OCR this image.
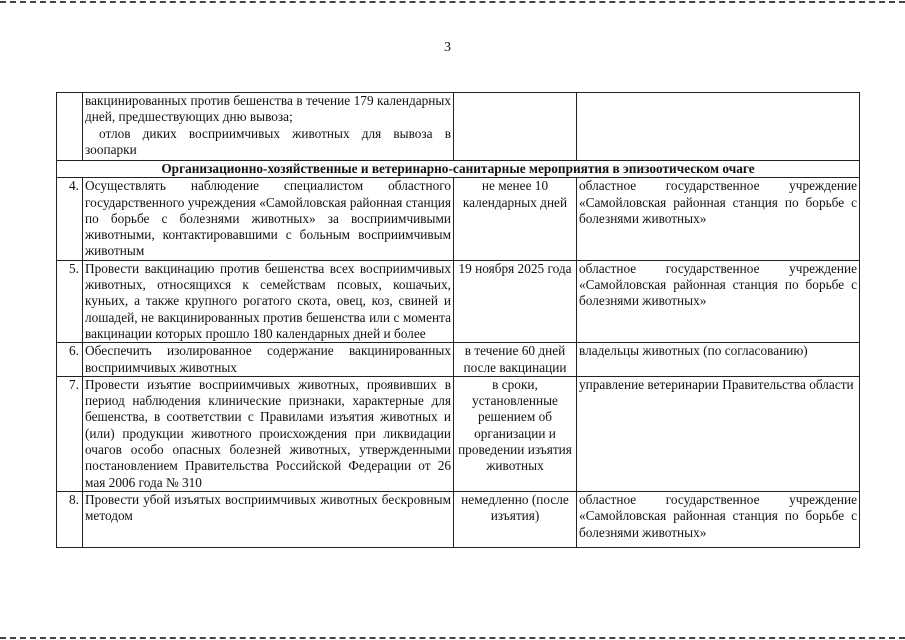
3

	вакцинированных против бешенства в течение 179 календарных дней, предшествующих дню вывоза;

отлов диких восприимчивых животных для вывоза в зоопарки		

Организационно-хозяйственные и ветеринарно-санитарные мероприятия в эпизоотическом очаге			
4.	Осуществлять наблюдение специалистом областного государственного учреждения «Самойловская районная станция по борьбе с болезнями животных» за восприимчивыми животными, контактировавшими с больным восприимчивым животным	не менее 10 календарных дней	областное государственное учреждение «Самойловская районная станция по борьбе с болезнями животных»
5.	Провести вакцинацию против бешенства всех восприимчивых животных, относящихся к семействам псовых, кошачьих, куньих, а также крупного рогатого скота, овец, коз, свиней и лошадей, не вакцинированных против бешенства или с момента вакцинации которых прошло 180 календарных дней и более	19 ноября 2025 года	областное государственное учреждение «Самойловская районная станция по борьбе с болезнями животных»
6.	Обеспечить изолированное содержание вакцинированных восприимчивых животных	в течение 60 дней после вакцинации	владельцы животных (по согласованию)
7.	Провести изъятие восприимчивых животных, проявивших в период наблюдения клинические признаки, характерные для бешенства, в соответствии с Правилами изъятия животных и (или) продукции животного происхождения при ликвидации очагов особо опасных болезней животных, утвержденными постановлением Правительства Российской Федерации от 26 мая 2006 года № 310	в сроки, установленные решением об организации и проведении изъятия животных	управление ветеринарии Правительства области
8.	Провести убой изъятых восприимчивых животных бескровным методом	немедленно (после изъятия)	областное государственное учреждение «Самойловская районная станция по борьбе с болезнями животных»
